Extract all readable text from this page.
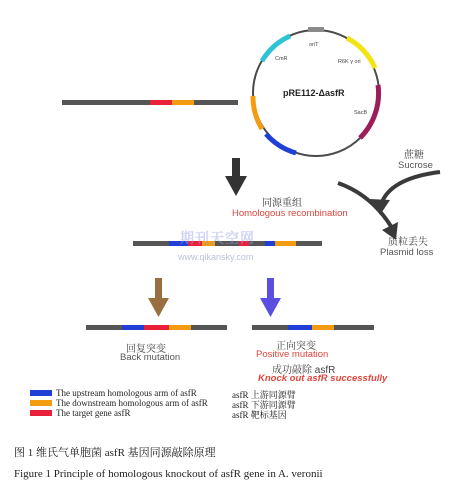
oriT
CmR	R6K γ ori
SacB
pRE112-ΔasfR
期刊天空网
www.qikansky.com
蔗糖
Sucrose
质粒丢失
Plasmid loss
同源重组
Homologous recombination
回复突变
Back mutation
正向突变
Positive mutation
成功敲除 asfR
Knock out asfR successfully
The upstream homologous arm of asfR	asfR 上游同源臂
The downstream homologous arm of asfR	asfR 下游同源臂
The target gene asfR	asfR 靶标基因
图 1 维氏气单胞菌 asfR 基因同源敲除原理
Figure 1 Principle of homologous knockout of asfR gene in A. veronii
